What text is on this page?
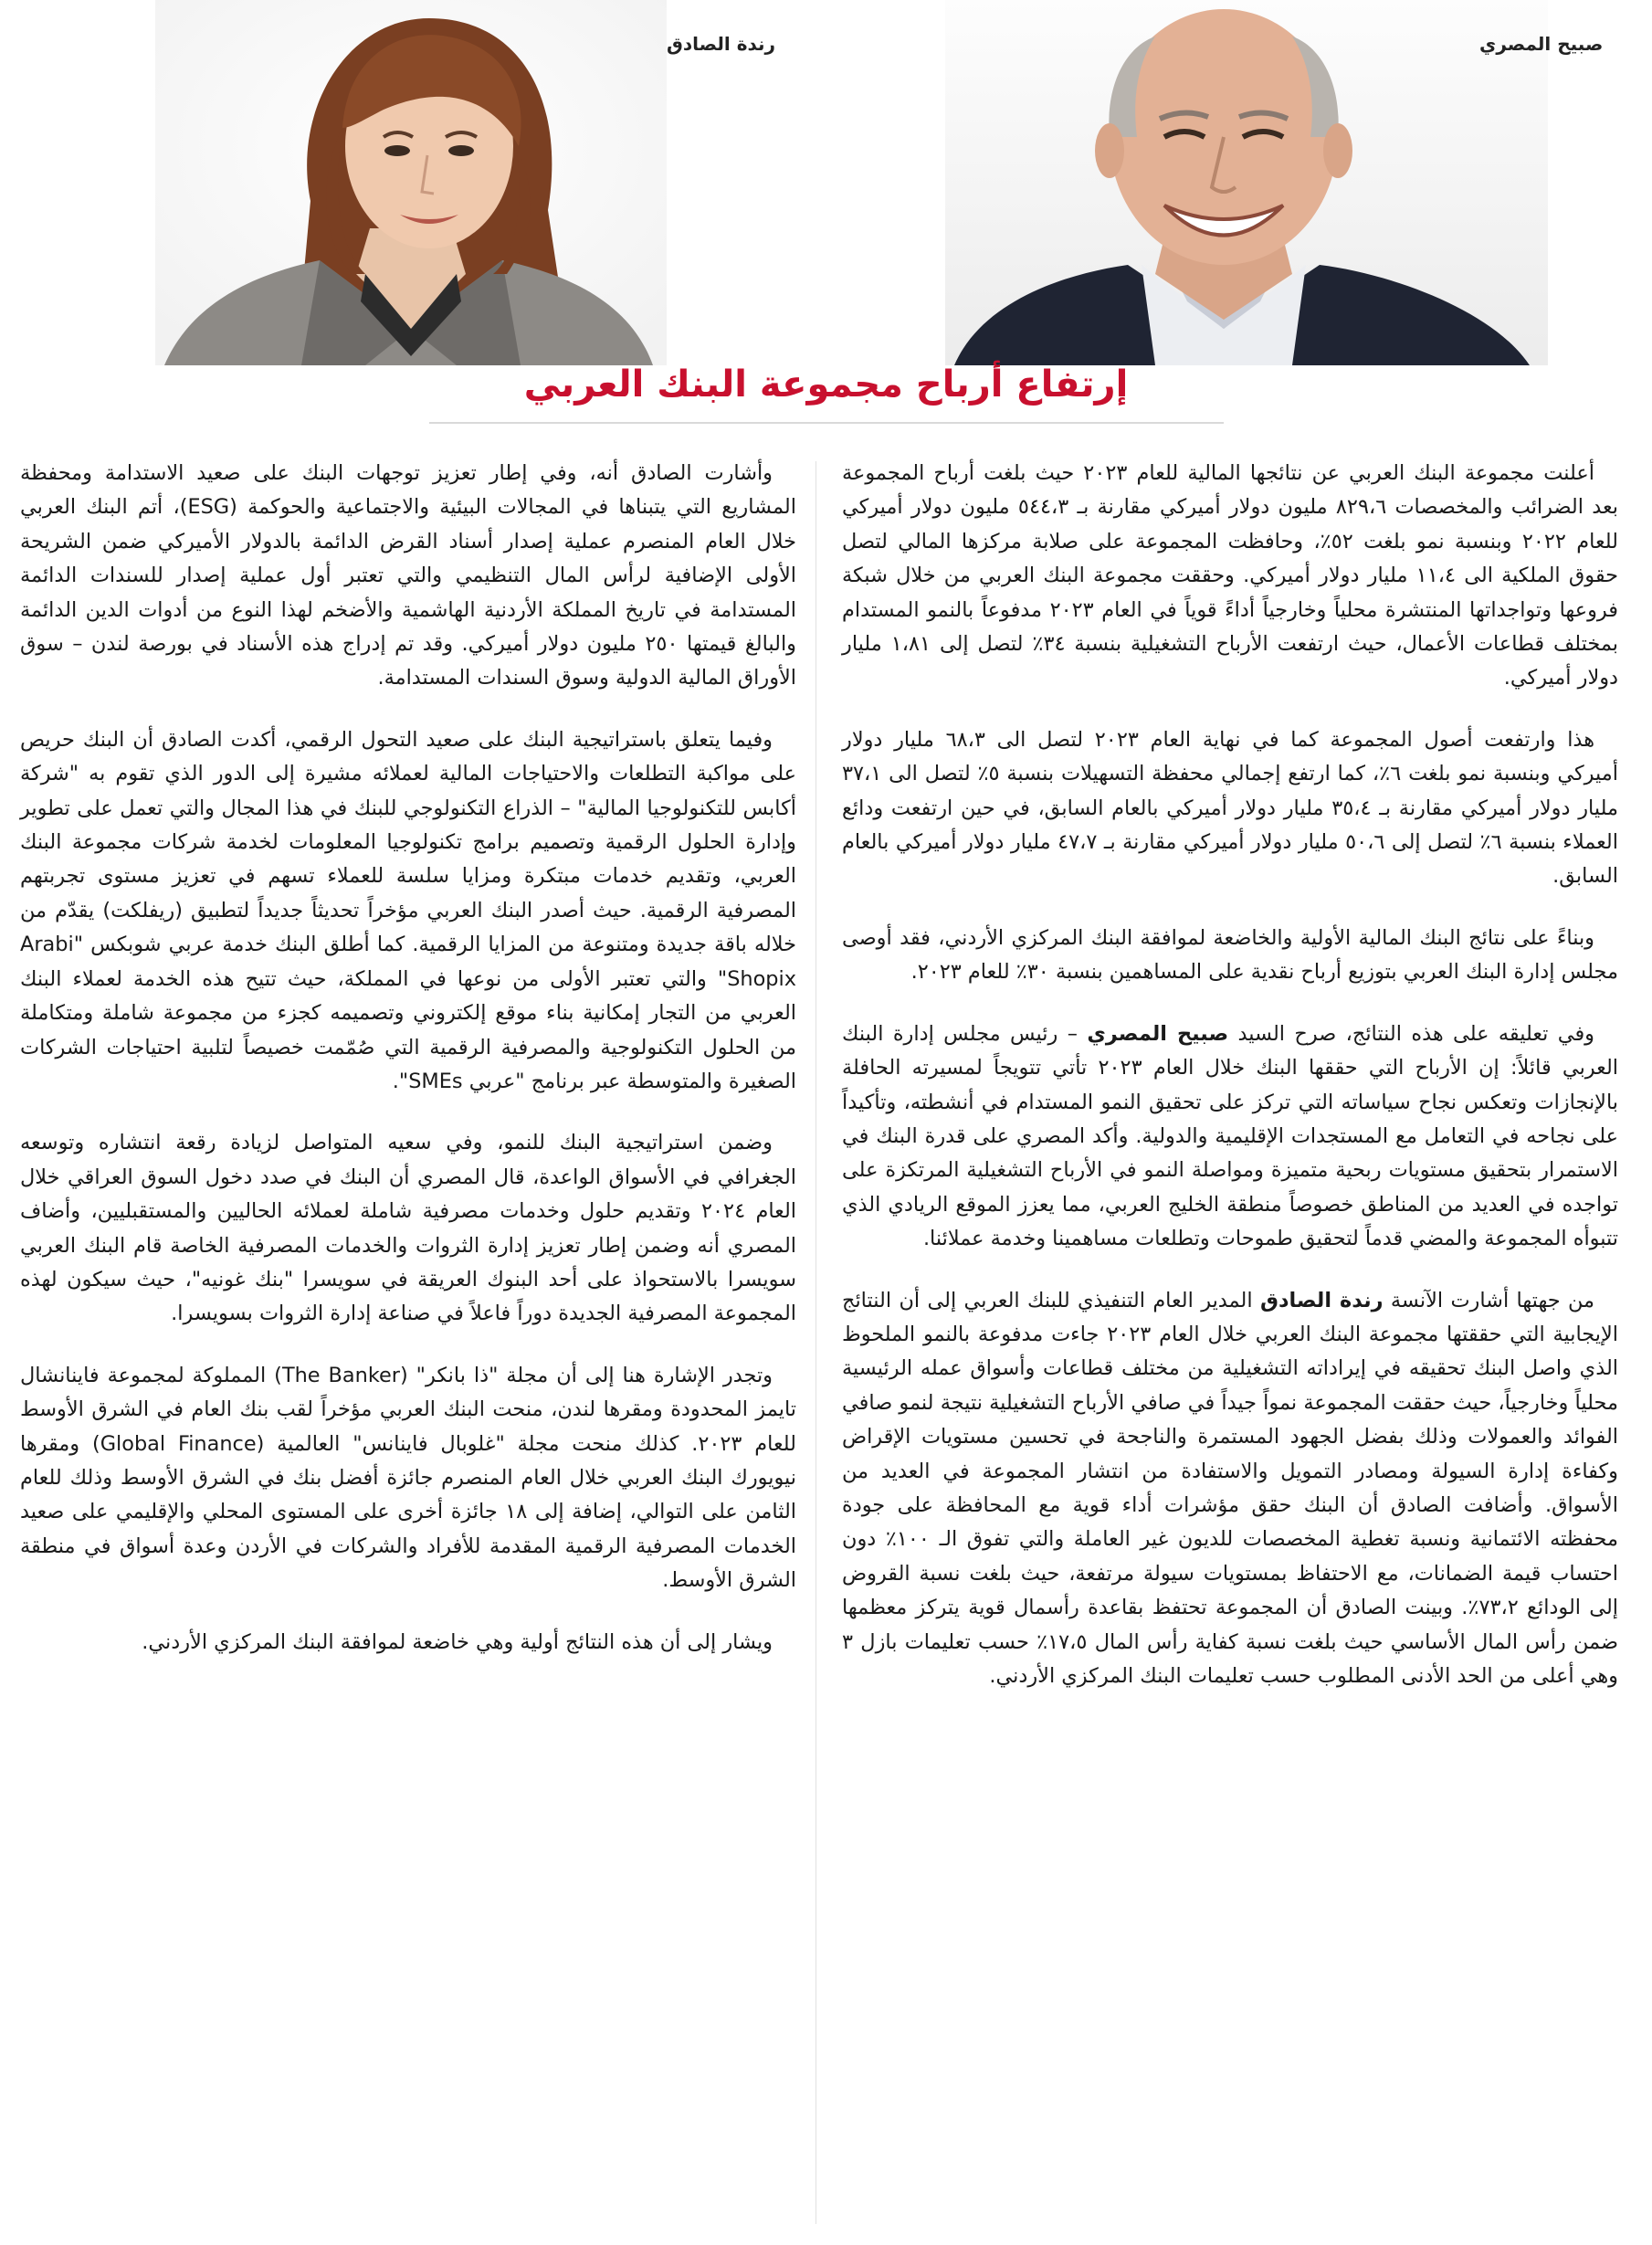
رندة الصادق	صبيح المصري
إرتفاع أرباح مجموعة البنك العربي

أعلنت مجموعة البنك العربي عن نتائجها المالية للعام ٢٠٢٣ حيث بلغت أرباح المجموعة بعد الضرائب والمخصصات ٨٢٩،٦ مليون دولار أميركي مقارنة بـ ٥٤٤،٣ مليون دولار أميركي للعام ٢٠٢٢ وبنسبة نمو بلغت ٥٢٪، وحافظت المجموعة على صلابة مركزها المالي لتصل حقوق الملكية الى ١١،٤ مليار دولار أميركي. وحققت مجموعة البنك العربي من خلال شبكة فروعها وتواجداتها المنتشرة محلياً وخارجياً أداءً قوياً في العام ٢٠٢٣ مدفوعاً بالنمو المستدام بمختلف قطاعات الأعمال، حيث ارتفعت الأرباح التشغيلية بنسبة ٣٤٪ لتصل إلى ١،٨١ مليار دولار أميركي.

هذا وارتفعت أصول المجموعة كما في نهاية العام ٢٠٢٣ لتصل الى ٦٨،٣ مليار دولار أميركي وبنسبة نمو بلغت ٦٪، كما ارتفع إجمالي محفظة التسهيلات بنسبة ٥٪ لتصل الى ٣٧،١ مليار دولار أميركي مقارنة بـ ٣٥،٤ مليار دولار أميركي بالعام السابق، في حين ارتفعت ودائع العملاء بنسبة ٦٪ لتصل إلى ٥٠،٦ مليار دولار أميركي مقارنة بـ ٤٧،٧ مليار دولار أميركي بالعام السابق.

وبناءً على نتائج البنك المالية الأولية والخاضعة لموافقة البنك المركزي الأردني، فقد أوصى مجلس إدارة البنك العربي بتوزيع أرباح نقدية على المساهمين بنسبة ٣٠٪ للعام ٢٠٢٣.

وفي تعليقه على هذه النتائج، صرح السيد صبيح المصري – رئيس مجلس إدارة البنك العربي قائلاً: إن الأرباح التي حققها البنك خلال العام ٢٠٢٣ تأتي تتويجاً لمسيرته الحافلة بالإنجازات وتعكس نجاح سياساته التي تركز على تحقيق النمو المستدام في أنشطته، وتأكيداً على نجاحه في التعامل مع المستجدات الإقليمية والدولية. وأكد المصري على قدرة البنك في الاستمرار بتحقيق مستويات ربحية متميزة ومواصلة النمو في الأرباح التشغيلية المرتكزة على تواجده في العديد من المناطق خصوصاً منطقة الخليج العربي، مما يعزز الموقع الريادي الذي تتبوأه المجموعة والمضي قدماً لتحقيق طموحات وتطلعات مساهمينا وخدمة عملائنا.

من جهتها أشارت الآنسة رندة الصادق المدير العام التنفيذي للبنك العربي إلى أن النتائج الإيجابية التي حققتها مجموعة البنك العربي خلال العام ٢٠٢٣ جاءت مدفوعة بالنمو الملحوظ الذي واصل البنك تحقيقه في إيراداته التشغيلية من مختلف قطاعات وأسواق عمله الرئيسية محلياً وخارجياً، حيث حققت المجموعة نمواً جيداً في صافي الأرباح التشغيلية نتيجة لنمو صافي الفوائد والعمولات وذلك بفضل الجهود المستمرة والناجحة في تحسين مستويات الإقراض وكفاءة إدارة السيولة ومصادر التمويل والاستفادة من انتشار المجموعة في العديد من الأسواق. وأضافت الصادق أن البنك حقق مؤشرات أداء قوية مع المحافظة على جودة محفظته الائتمانية ونسبة تغطية المخصصات للديون غير العاملة والتي تفوق الـ ١٠٠٪ دون احتساب قيمة الضمانات، مع الاحتفاظ بمستويات سيولة مرتفعة، حيث بلغت نسبة القروض إلى الودائع ٧٣،٢٪. وبينت الصادق أن المجموعة تحتفظ بقاعدة رأسمال قوية يتركز معظمها ضمن رأس المال الأساسي حيث بلغت نسبة كفاية رأس المال ١٧،٥٪ حسب تعليمات بازل ٣ وهي أعلى من الحد الأدنى المطلوب حسب تعليمات البنك المركزي الأردني.

وأشارت الصادق أنه، وفي إطار تعزيز توجهات البنك على صعيد الاستدامة ومحفظة المشاريع التي يتبناها في المجالات البيئية والاجتماعية والحوكمة (ESG)، أتم البنك العربي خلال العام المنصرم عملية إصدار أسناد القرض الدائمة بالدولار الأميركي ضمن الشريحة الأولى الإضافية لرأس المال التنظيمي والتي تعتبر أول عملية إصدار للسندات الدائمة المستدامة في تاريخ المملكة الأردنية الهاشمية والأضخم لهذا النوع من أدوات الدين الدائمة والبالغ قيمتها ٢٥٠ مليون دولار أميركي. وقد تم إدراج هذه الأسناد في بورصة لندن – سوق الأوراق المالية الدولية وسوق السندات المستدامة.

وفيما يتعلق باستراتيجية البنك على صعيد التحول الرقمي، أكدت الصادق أن البنك حريص على مواكبة التطلعات والاحتياجات المالية لعملائه مشيرة إلى الدور الذي تقوم به "شركة أكابس للتكنولوجيا المالية" – الذراع التكنولوجي للبنك في هذا المجال والتي تعمل على تطوير وإدارة الحلول الرقمية وتصميم برامج تكنولوجيا المعلومات لخدمة شركات مجموعة البنك العربي، وتقديم خدمات مبتكرة ومزايا سلسة للعملاء تسهم في تعزيز مستوى تجربتهم المصرفية الرقمية. حيث أصدر البنك العربي مؤخراً تحديثاً جديداً لتطبيق (ريفلكت) يقدّم من خلاله باقة جديدة ومتنوعة من المزايا الرقمية. كما أطلق البنك خدمة عربي شوبكس "Arabi Shopix" والتي تعتبر الأولى من نوعها في المملكة، حيث تتيح هذه الخدمة لعملاء البنك العربي من التجار إمكانية بناء موقع إلكتروني وتصميمه كجزء من مجموعة شاملة ومتكاملة من الحلول التكنولوجية والمصرفية الرقمية التي صُمّمت خصيصاً لتلبية احتياجات الشركات الصغيرة والمتوسطة عبر برنامج "عربي SMEs".

وضمن استراتيجية البنك للنمو، وفي سعيه المتواصل لزيادة رقعة انتشاره وتوسعه الجغرافي في الأسواق الواعدة، قال المصري أن البنك في صدد دخول السوق العراقي خلال العام ٢٠٢٤ وتقديم حلول وخدمات مصرفية شاملة لعملائه الحاليين والمستقبليين، وأضاف المصري أنه وضمن إطار تعزيز إدارة الثروات والخدمات المصرفية الخاصة قام البنك العربي سويسرا بالاستحواذ على أحد البنوك العريقة في سويسرا "بنك غونيه"، حيث سيكون لهذه المجموعة المصرفية الجديدة دوراً فاعلاً في صناعة إدارة الثروات بسويسرا.

وتجدر الإشارة هنا إلى أن مجلة "ذا بانكر" (The Banker) المملوكة لمجموعة فاينانشال تايمز المحدودة ومقرها لندن، منحت البنك العربي مؤخراً لقب بنك العام في الشرق الأوسط للعام ٢٠٢٣. كذلك منحت مجلة "غلوبال فاينانس" العالمية (Global Finance) ومقرها نيويورك البنك العربي خلال العام المنصرم جائزة أفضل بنك في الشرق الأوسط وذلك للعام الثامن على التوالي، إضافة إلى ١٨ جائزة أخرى على المستوى المحلي والإقليمي على صعيد الخدمات المصرفية الرقمية المقدمة للأفراد والشركات في الأردن وعدة أسواق في منطقة الشرق الأوسط.

ويشار إلى أن هذه النتائج أولية وهي خاضعة لموافقة البنك المركزي الأردني.
